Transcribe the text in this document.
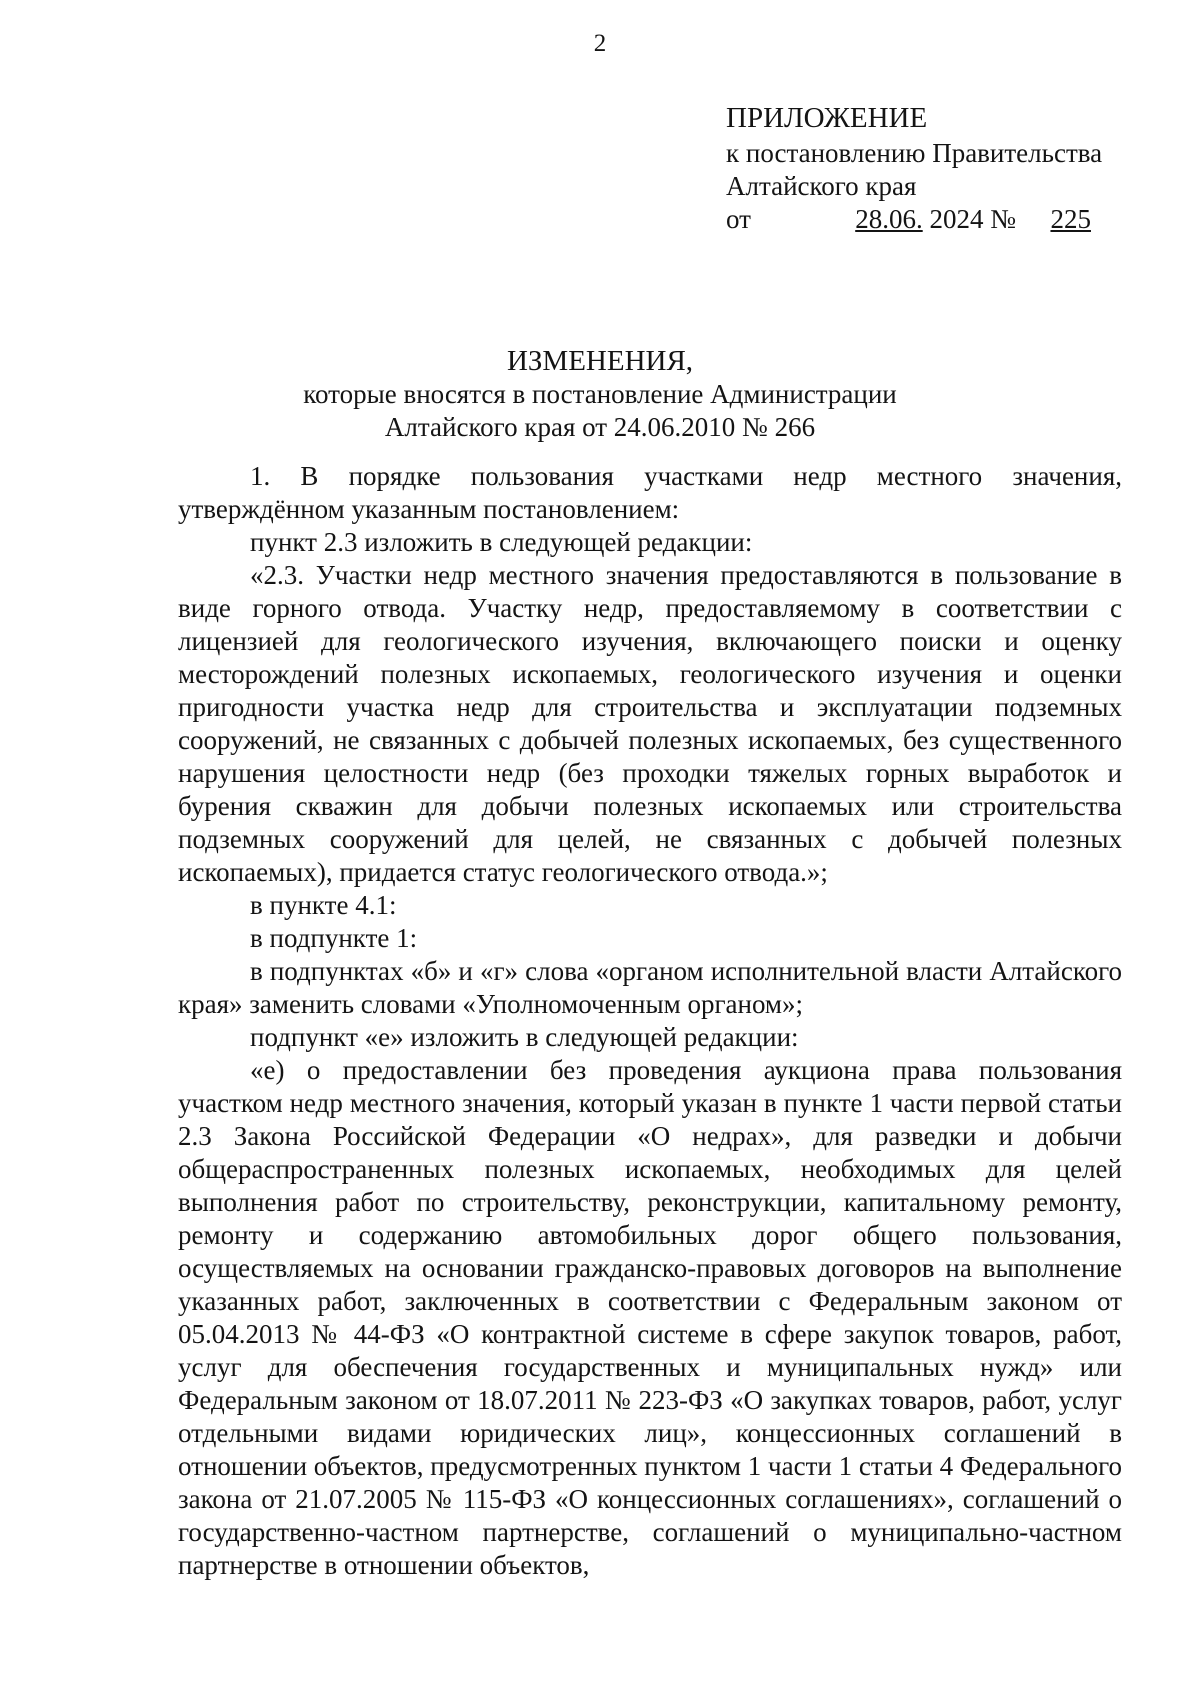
2
ПРИЛОЖЕНИЕ
к постановлению Правительства
Алтайского края
от	28.06. 2024 № 225
ИЗМЕНЕНИЯ,
которые вносятся в постановление Администрации
Алтайского края от 24.06.2010 № 266

1. В порядке пользования участками недр местного значения, утверждённом указанным постановлением:

пункт 2.3 изложить в следующей редакции:

«2.3. Участки недр местного значения предоставляются в пользование в виде горного отвода. Участку недр, предоставляемому в соответствии с лицензией для геологического изучения, включающего поиски и оценку месторождений полезных ископаемых, геологического изучения и оценки пригодности участка недр для строительства и эксплуатации подземных сооружений, не связанных с добычей полезных ископаемых, без существенного нарушения целостности недр (без проходки тяжелых горных выработок и бурения скважин для добычи полезных ископаемых или строительства подземных сооружений для целей, не связанных с добычей полезных ископаемых), придается статус геологического отвода.»;

в пункте 4.1:

в подпункте 1:

в подпунктах «б» и «г» слова «органом исполнительной власти Алтайского края» заменить словами «Уполномоченным органом»;

подпункт «е» изложить в следующей редакции:

«е) о предоставлении без проведения аукциона права пользования участком недр местного значения, который указан в пункте 1 части первой статьи 2.3 Закона Российской Федерации «О недрах», для разведки и добычи общераспространенных полезных ископаемых, необходимых для целей выполнения работ по строительству, реконструкции, капитальному ремонту, ремонту и содержанию автомобильных дорог общего пользования, осуществляемых на основании гражданско-правовых договоров на выполнение указанных работ, заключенных в соответствии с Федеральным законом от 05.04.2013 № 44-ФЗ «О контрактной системе в сфере закупок товаров, работ, услуг для обеспечения государственных и муниципальных нужд» или Федеральным законом от 18.07.2011 № 223-ФЗ «О закупках товаров, работ, услуг отдельными видами юридических лиц», концессионных соглашений в отношении объектов, предусмотренных пунктом 1 части 1 статьи 4 Федерального закона от 21.07.2005 № 115-ФЗ «О концессионных соглашениях», соглашений о государственно-частном партнерстве, соглашений о муниципально-частном партнерстве в отношении объектов,
